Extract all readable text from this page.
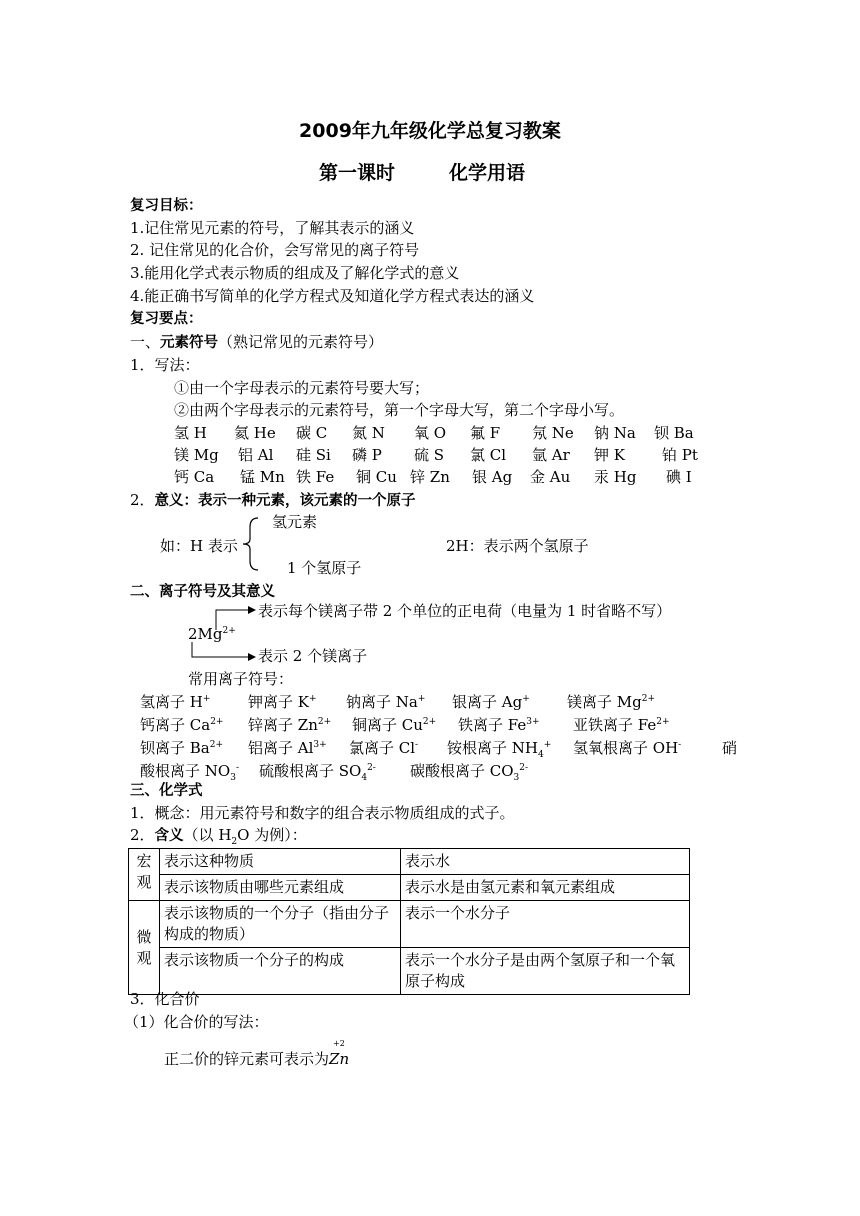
2009年九年级化学总复习教案
第一课时	化学用语
复习目标：
1.记住常见元素的符号，了解其表示的涵义
2. 记住常见的化合价，会写常见的离子符号
3.能用化学式表示物质的组成及了解化学式的意义
4.能正确书写简单的化学方程式及知道化学方程式表达的涵义
复习要点：
一、元素符号（熟记常见的元素符号）
1．写法：
①由一个字母表示的元素符号要大写；
②由两个字母表示的元素符号，第一个字母大写，第二个字母小写。
氢 H 氦 He 碳 C 氮 N 氧 O 氟 F 氖 Ne 钠 Na 钡 Ba
镁 Mg 铝 Al 硅 Si 磷 P 硫 S 氯 Cl 氩 Ar 钾 K 铂 Pt
钙 Ca 锰 Mn 铁 Fe 铜 Cu 锌 Zn 银 Ag 金 Au 汞 Hg 碘 I
2．意义：表示一种元素，该元素的一个原子
氢元素
如：H 表示	2H：表示两个氢原子
1 个氢原子
二、离子符号及其意义
表示每个镁离子带 2 个单位的正电荷（电量为 1 时省略不写）
$2Mg^{2+}$
表示 2 个镁离子
常用离子符号：
氢离子 H+	钾离子 K+ 钠离子 Na+ 银离子 Ag+ 镁离子 $Mg^{2+}$
钙离子 $Ca^{2+}$ 锌离子 $Zn^{2+}$ 铜离子 $Cu^{2+}$ 铁离子 $Fe^{3+}$ 亚铁离子 $Fe^{2+}$
钡离子 $Ba^{2+}$ 铝离子 $Al^{3+}$ 氯离子 Cl- 铵根离子 $NH_4^+$ 氢氧根离子 OH-	硝
酸根离子 $NO_3^-$ 硫酸根离子 $SO_4^{2-}$ 碳酸根离子 $CO_3^{2-}$
三、化学式
1．概念：用元素符号和数字的组合表示物质组成的式子。
2．含义（以 $H_2O$ 为例）：
宏
观	表示这种物质	表示水
	表示该物质由哪些元素组成	表示水是由氢元素和氧元素组成

微
观	表示该物质的一个分子（指由分子构成的物质）	表示一个水分子
	表示该物质一个分子的构成	表示一个水分子是由两个氢原子和一个氧原子构成
3．化合价
（1）化合价的写法：
正二价的锌元素可表示为
+2
Zn
